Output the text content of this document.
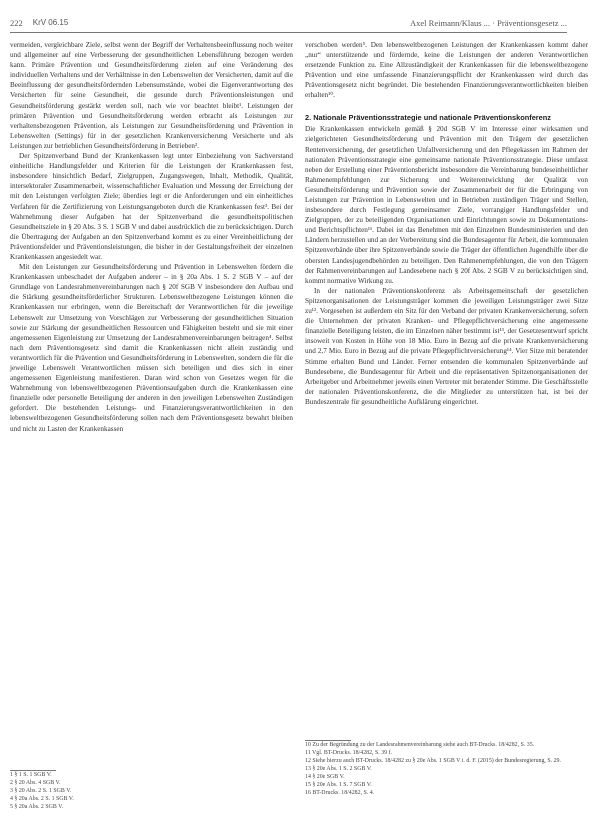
222 KrV 06.15	Axel Reimann/Klaus ... · Präventionsgesetz ...

vermeiden, vergleichbare Ziele, selbst wenn der Begriff der Verhaltensbeeinflussung noch weiter und allgemeiner auf eine Verbesserung der gesundheitlichen Lebensführung bezogen werden kann. Primäre Prävention und Gesundheitsförderung zielen auf eine Veränderung des individuellen Verhaltens und der Verhältnisse in den Lebenswelten der Versicherten, damit auf die Beeinflussung der gesundheitsfördernden Lebensumstände, wobei die Eigenverantwortung des Versicherten für seine Gesundheit, die gesunde durch Präventionsleistungen und Gesundheitsförderung gestärkt werden soll, nach wie vor beachtet bleibt¹. Leistungen der primären Prävention und Gesundheitsförderung werden erbracht als Leistungen zur verhaltensbezogenen Prävention, als Leistungen zur Gesundheitsförderung und Prävention in Lebenswelten (Settings) für in der gesetzlichen Krankenversicherung Versicherte und als Leistungen zur betrieblichen Gesundheitsförderung in Betrieben².

Der Spitzenverband Bund der Krankenkassen legt unter Einbeziehung von Sachverstand einheitliche Handlungsfelder und Kriterien für die Leistungen der Krankenkassen fest, insbesondere hinsichtlich Bedarf, Zielgruppen, Zugangswegen, Inhalt, Methodik, Qualität, intersektoraler Zusammenarbeit, wissenschaftlicher Evaluation und Messung der Erreichung der mit den Leistungen verfolgten Ziele; überdies legt er die Anforderungen und ein einheitliches Verfahren für die Zertifizierung von Leistungsangeboten durch die Krankenkassen fest³. Bei der Wahrnehmung dieser Aufgaben hat der Spitzenverband die gesundheitspolitischen Gesundheitsziele in § 20 Abs. 3 S. 1 SGB V und dabei ausdrücklich die zu berücksichtigen. Durch die Übertragung der Aufgaben an den Spitzenverband kommt es zu einer Vereinheitlichung der Präventionsfelder und Präventionsleistungen, die bisher in der Gestaltungsfreiheit der einzelnen Krankenkassen angesiedelt war.

Mit den Leistungen zur Gesundheitsförderung und Prävention in Lebenswelten fördern die Krankenkassen unbeschadet der Aufgaben anderer – in § 20a Abs. 1 S. 2 SGB V – auf der Grundlage von Landesrahmenvereinbarungen nach § 20f SGB V insbesondere den Aufbau und die Stärkung gesundheitsförderlicher Strukturen. Lebensweltbezogene Leistungen können die Krankenkassen nur erbringen, wenn die Bereitschaft der Verantwortlichen für die jeweilige Lebenswelt zur Umsetzung von Vorschlägen zur Verbesserung der gesundheitlichen Situation sowie zur Stärkung der gesundheitlichen Ressourcen und Fähigkeiten besteht und sie mit einer angemessenen Eigenleistung zur Umsetzung der Landesrahmenvereinbarungen beitragen⁴. Selbst nach dem Präventionsgesetz sind damit die Krankenkassen nicht allein zuständig und verantwortlich für die Prävention und Gesundheitsförderung in Lebenswelten, sondern die für die jeweilige Lebenswelt Verantwortlichen müssen sich beteiligen und dies sich in einer angemessenen Eigenleistung manifestieren. Daran wird schon von Gesetzes wegen für die Wahrnehmung von lebensweltbezogenen Präventionsaufgaben durch die Krankenkassen eine finanzielle oder personelle Beteiligung der anderen in den jeweiligen Lebenswelten Zuständigen gefordert. Die bestehenden Leistungs- und Finanzierungsverantwortlichkeiten in den lebensweltbezogenen Gesundheitsförderung sollen nach dem Präventionsgesetz bewahrt bleiben und nicht zu Lasten der Krankenkassen

1 § 1 S. 1 SGB V.
2 § 20 Abs. 4 SGB V.
3 § 20 Abs. 2 S. 1 SGB V.
4 § 20a Abs. 2 S. 1 SGB V.
5 § 20a Abs. 2 SGB V.

verschoben werden⁵. Den lebensweltbezogenen Leistungen der Krankenkassen kommt daher „nur“ unterstützende und fördernde, keine die Leistungen der anderen Verantwortlichen ersetzende Funktion zu. Eine Allzuständigkeit der Krankenkassen für die lebensweltbezogene Prävention und eine umfassende Finanzierungspflicht der Krankenkassen wird durch das Präventionsgesetz nicht begründet. Die bestehenden Finanzierungsverantwortlichkeiten bleiben erhalten¹⁰.

2. Nationale Präventionsstrategie und nationale Präventionskonferenz

Die Krankenkassen entwickeln gemäß § 20d SGB V im Interesse einer wirksamen und zielgerichteten Gesundheitsförderung und Prävention mit den Trägern der gesetzlichen Rentenversicherung, der gesetzlichen Unfallversicherung und den Pflegekassen im Rahmen der nationalen Präventionsstrategie eine gemeinsame nationale Präventionsstrategie. Diese umfasst neben der Erstellung einer Präventionsbericht insbesondere die Vereinbarung bundeseinheitlicher Rahmenempfehlungen zur Sicherung und Weiterentwicklung der Qualität von Gesundheitsförderung und Prävention sowie der Zusammenarbeit der für die Erbringung von Leistungen zur Prävention in Lebenswelten und in Betrieben zuständigen Träger und Stellen, insbesondere durch Festlegung gemeinsamer Ziele, vorrangiger Handlungsfelder und Zielgruppen, der zu beteiligenden Organisationen und Einrichtungen sowie zu Dokumentations- und Berichtspflichten¹¹. Dabei ist das Benehmen mit den Einzelnen Bundesministerien und den Ländern herzustellen und an der Vorbereitung sind die Bundesagentur für Arbeit, die kommunalen Spitzenverbände über ihre Spitzenverbände sowie die Träger der öffentlichen Jugendhilfe über die obersten Landesjugendbehörden zu beteiligen. Den Rahmenempfehlungen, die von den Trägern der Rahmenvereinbarungen auf Landesebene nach § 20f Abs. 2 SGB V zu berücksichtigen sind, kommt normative Wirkung zu.

In der nationalen Präventionskonferenz als Arbeitsgemeinschaft der gesetzlichen Spitzenorganisationen der Leistungsträger kommen die jeweiligen Leistungsträger zwei Sitze zu¹². Vorgesehen ist außerdem ein Sitz für den Verband der privaten Krankenversicherung, sofern die Unternehmen der privaten Kranken- und Pflegepflichtversicherung eine angemessene finanzielle Beteiligung leisten, die im Einzelnen näher bestimmt ist¹³, der Gesetzesentwurf spricht insoweit von Kosten in Höhe von 18 Mio. Euro in Bezug auf die private Krankenversicherung und 2,7 Mio. Euro in Bezug auf die private Pflegepflichtversicherung¹⁴. Vier Sitze mit beratender Stimme erhalten Bund und Länder. Ferner entsenden die kommunalen Spitzenverbände auf Bundesebene, die Bundesagentur für Arbeit und die repräsentativen Spitzenorganisationen der Arbeitgeber und Arbeitnehmer jeweils einen Vertreter mit beratender Stimme. Die Geschäftsstelle der nationalen Präventionskonferenz, die die Mitglieder zu unterstützen hat, ist bei der Bundeszentrale für gesundheitliche Aufklärung eingerichtet.

10 Zu der Begründung zu der Landesrahmenvereinbarung siehe auch BT-Drucks. 18/4282, S. 35.
11 Vgl. BT-Drucks. 18/4282, S. 39 f.
12 Siehe hierzu auch BT-Drucks. 18/4282 zu § 20e Abs. 1 SGB V i. d. F. (2015) der Bundesregierung, S. 29.
13 § 20e Abs. 1 S. 2 SGB V.
14 § 20e SGB V.
15 § 20e Abs. 1 S. 7 SGB V.
16 BT-Drucks. 18/4282, S. 4.
